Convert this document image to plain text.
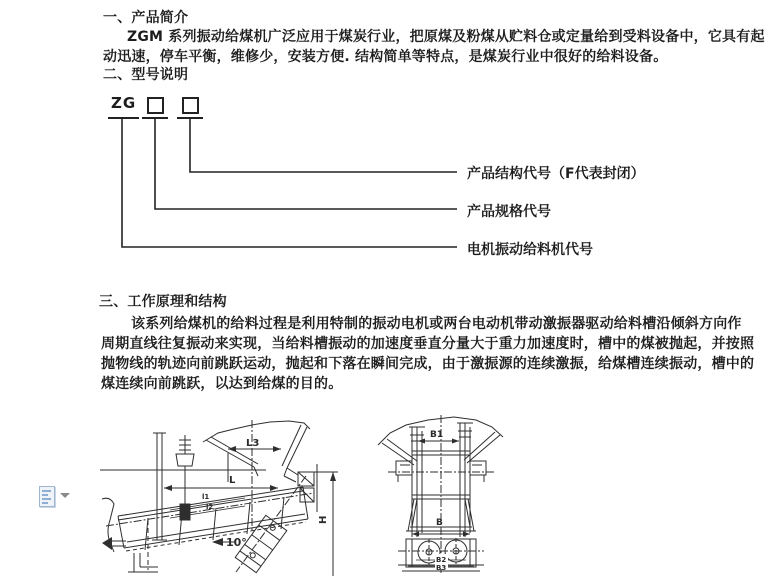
一、产品简介
ZGM 系列振动给煤机广泛应用于煤炭行业，把原煤及粉煤从贮料仓或定量给到受料设备中，它具有起
动迅速，停车平衡，维修少，安装方便. 结构简单等特点，是煤炭行业中很好的给料设备。
二、型号说明
ZG
产品结构代号（F代表封闭）
产品规格代号
电机振动给料机代号
三、工作原理和结构
该系列给煤机的给料过程是利用特制的振动电机或两台电动机带动激振器驱动给料槽沿倾斜方向作
周期直线往复振动来实现，当给料槽振动的加速度垂直分量大于重力加速度时，槽中的煤被抛起，并按照
抛物线的轨迹向前跳跃运动，抛起和下落在瞬间完成，由于激振源的连续激振，给煤槽连续振动，槽中的
煤连续向前跳跃，以达到给煤的目的。
L3
L
l1
l2
10°
H
B1
B
B2
B3
